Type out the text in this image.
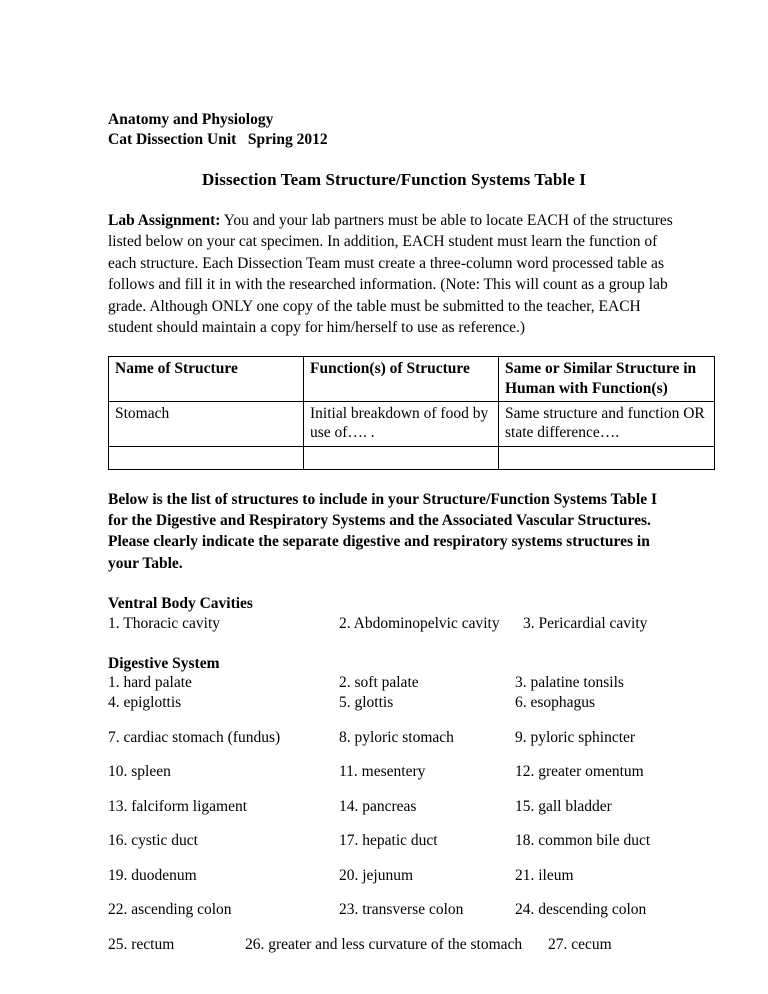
Anatomy and Physiology
Cat Dissection Unit   Spring 2012
Dissection Team Structure/Function Systems Table I
Lab Assignment: You and your lab partners must be able to locate EACH of the structures listed below on your cat specimen. In addition, EACH student must learn the function of each structure. Each Dissection Team must create a three-column word processed table as follows and fill it in with the researched information. (Note: This will count as a group lab grade. Although ONLY one copy of the table must be submitted to the teacher, EACH student should maintain a copy for him/herself to use as reference.)
Name of Structure	Function(s) of Structure	Same or Similar Structure in Human with Function(s)
Stomach	Initial breakdown of food by use of…. .	Same structure and function OR state difference….

Below is the list of structures to include in your Structure/Function Systems Table I for the Digestive and Respiratory Systems and the Associated Vascular Structures. Please clearly indicate the separate digestive and respiratory systems structures in your Table.
Ventral Body Cavities
1. Thoracic cavity	2. Abdominopelvic cavity 3. Pericardial cavity
Digestive System
1. hard palate	2. soft palate	3. palatine tonsils
4. epiglottis	5. glottis	6. esophagus
7. cardiac stomach (fundus)	8. pyloric stomach	9. pyloric sphincter
10. spleen	11. mesentery	12. greater omentum
13. falciform ligament	14. pancreas	15. gall bladder
16. cystic duct	17. hepatic duct	18. common bile duct
19. duodenum	20. jejunum	21. ileum
22. ascending colon	23. transverse colon	24. descending colon
25. rectum	26. greater and less curvature of the stomach 27. cecum
